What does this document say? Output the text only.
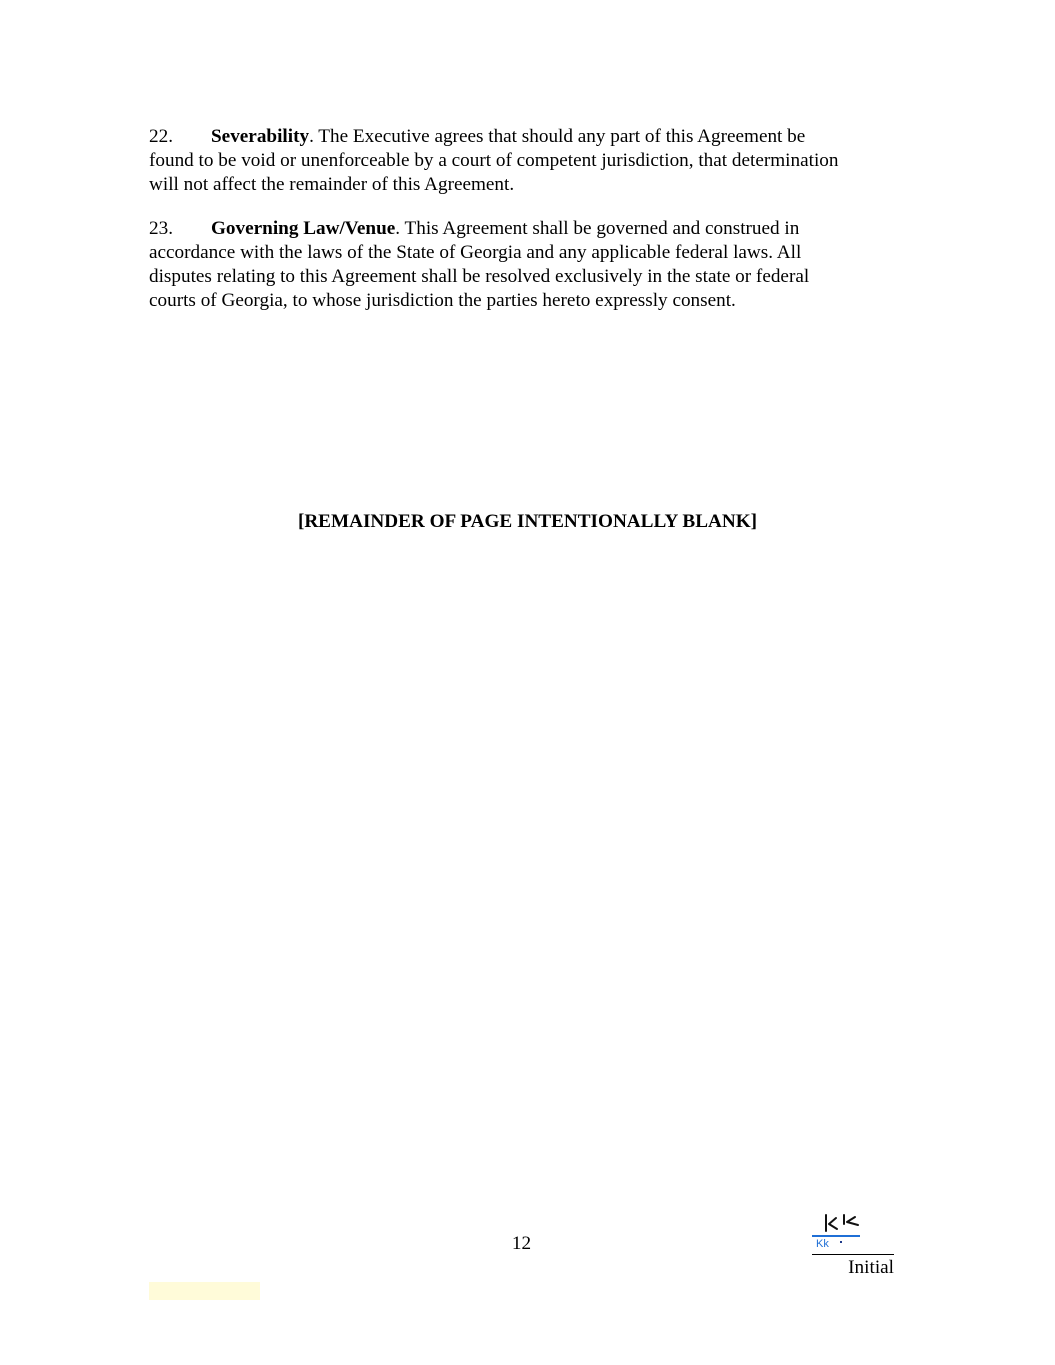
22. Severability. The Executive agrees that should any part of this Agreement be
found to be void or unenforceable by a court of competent jurisdiction, that determination
will not affect the remainder of this Agreement.
23. Governing Law/Venue. This Agreement shall be governed and construed in
accordance with the laws of the State of Georgia and any applicable federal laws. All
disputes relating to this Agreement shall be resolved exclusively in the state or federal
courts of Georgia, to whose jurisdiction the parties hereto expressly consent.
[REMAINDER OF PAGE INTENTIONALLY BLANK]
12	Kk
Initial
